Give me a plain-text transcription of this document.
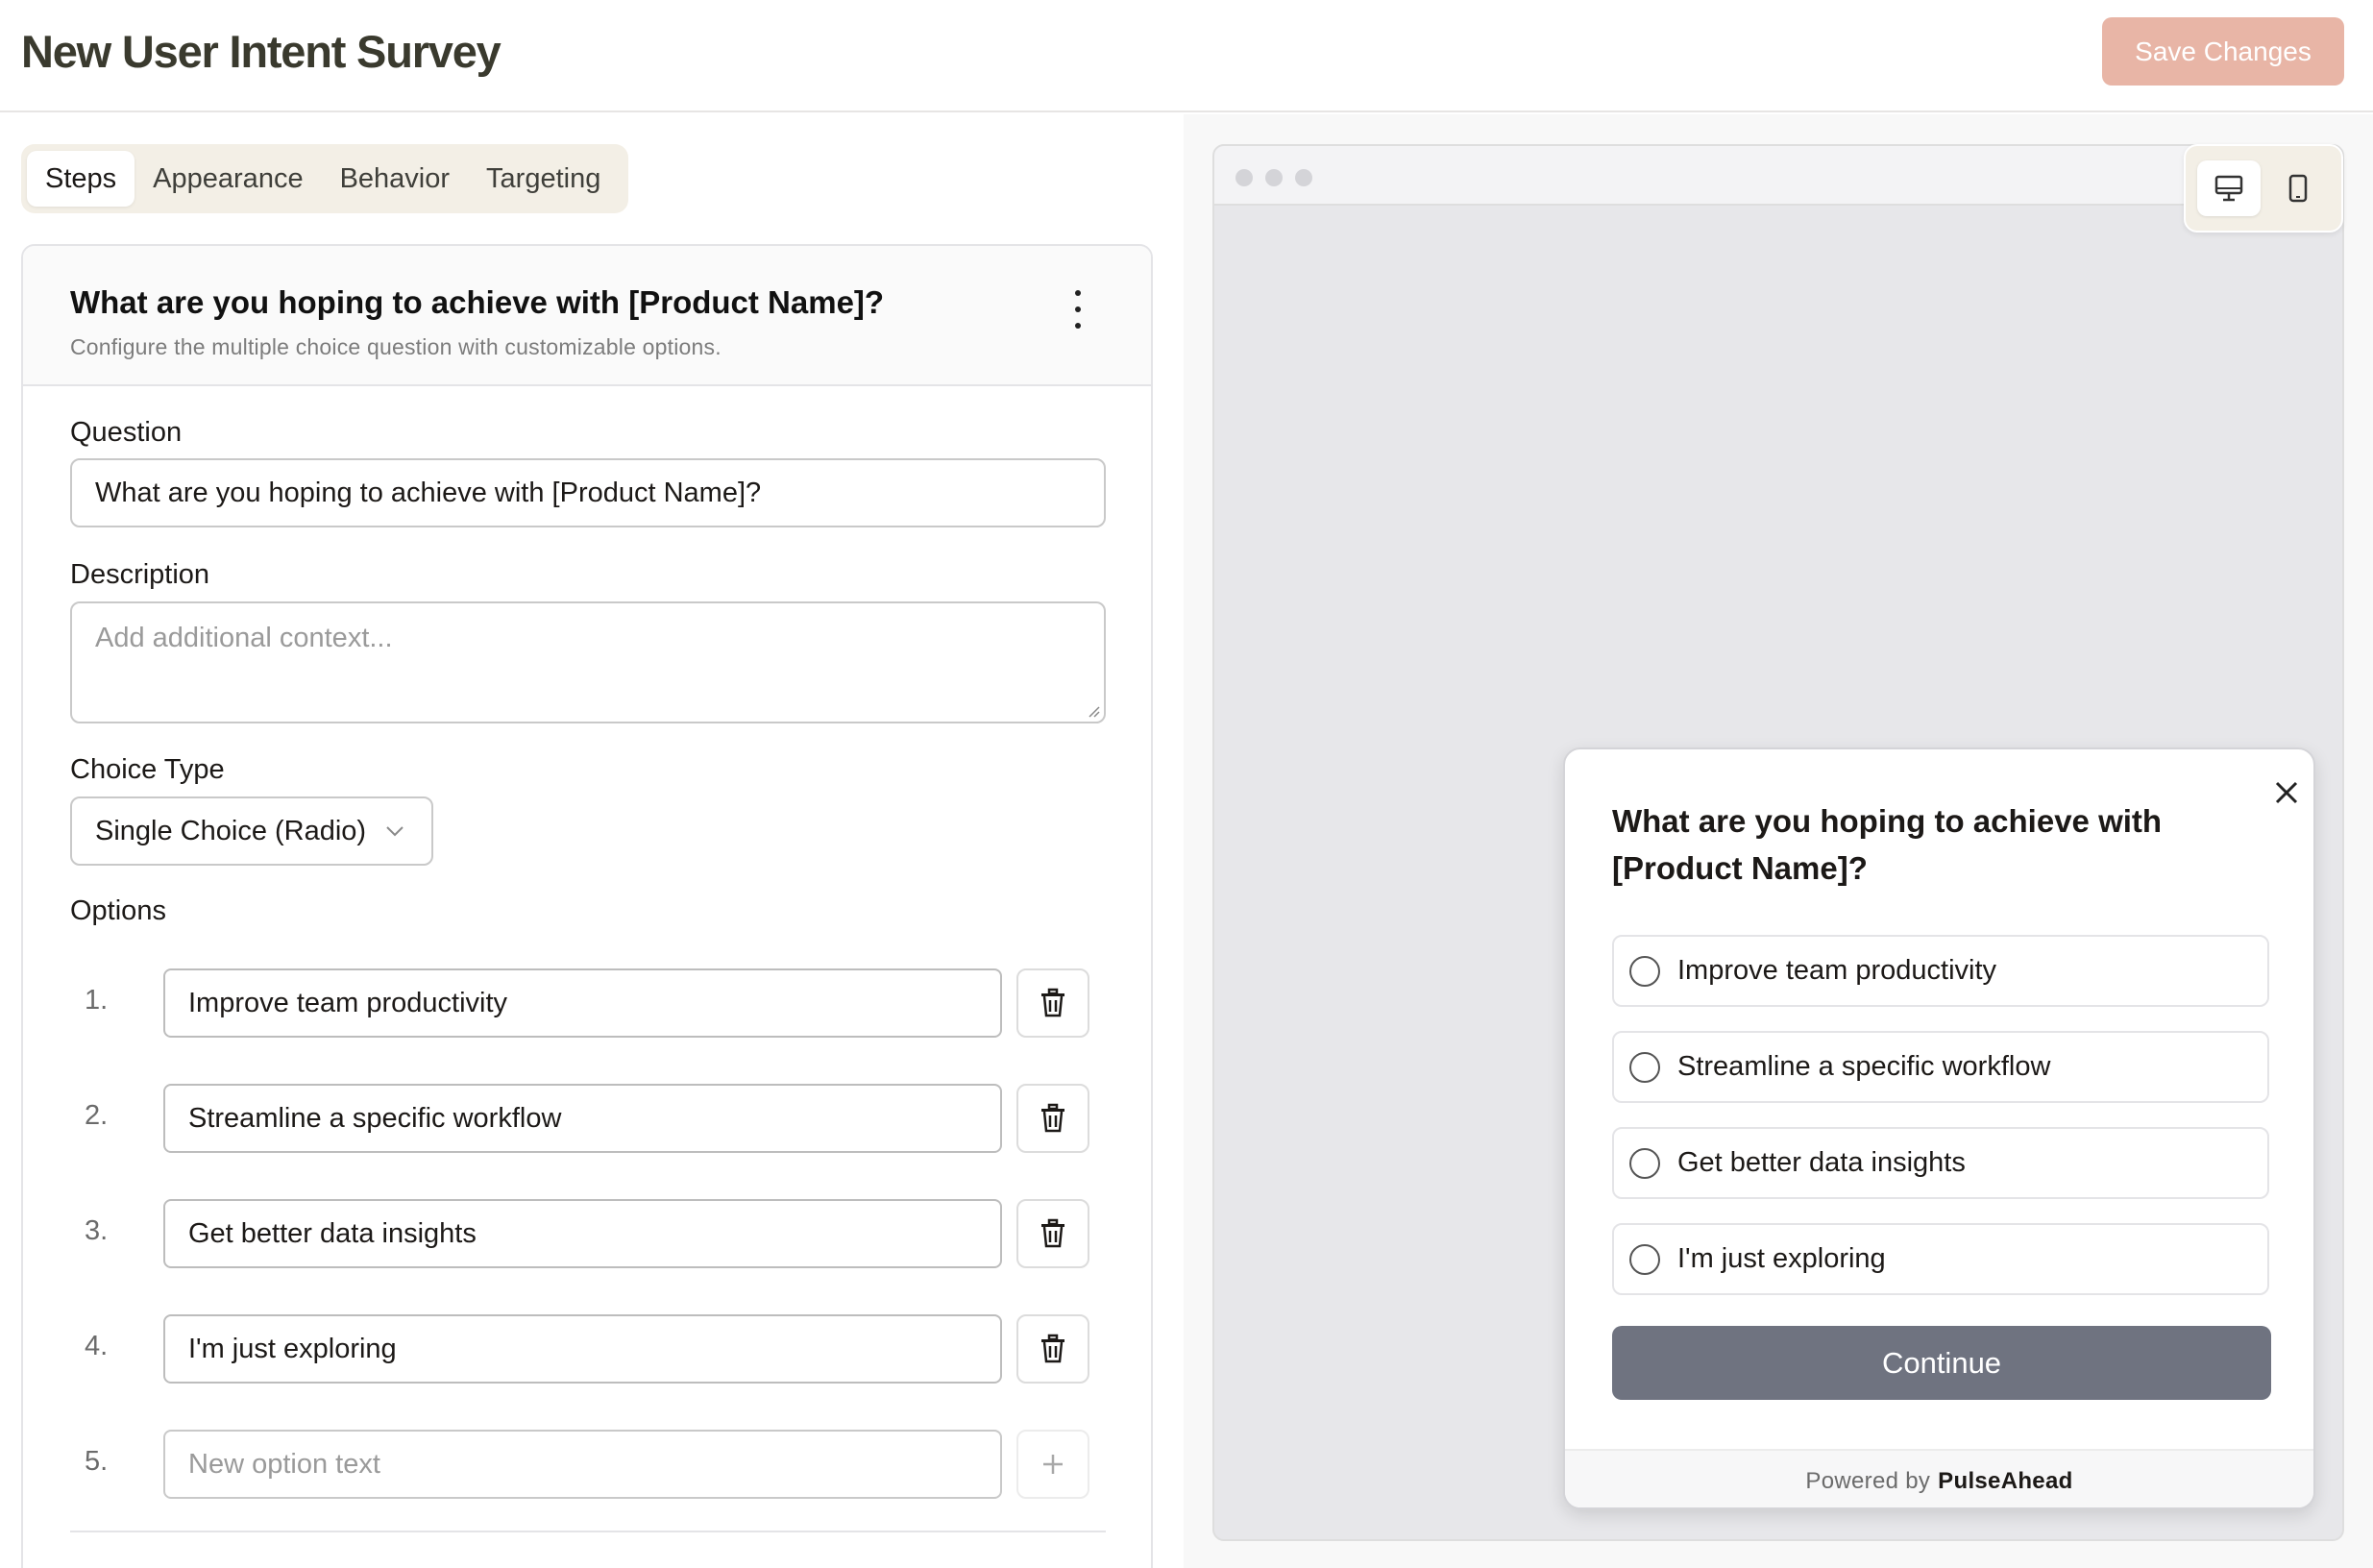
New User Intent Survey	Save Changes
Steps	Appearance	Behavior	Targeting
What are you hoping to achieve with [Product Name]?
Configure the multiple choice question with customizable options.
Question
What are you hoping to achieve with [Product Name]?
Description
Add additional context...
Choice Type
Single Choice (Radio)
Options
1.	Improve team productivity
2.	Streamline a specific workflow
3.	Get better data insights
4.	I'm just exploring
5.	New option text
What are you hoping to achieve with [Product Name]?
Improve team productivity
Streamline a specific workflow
Get better data insights
I'm just exploring
Continue
Powered by PulseAhead
